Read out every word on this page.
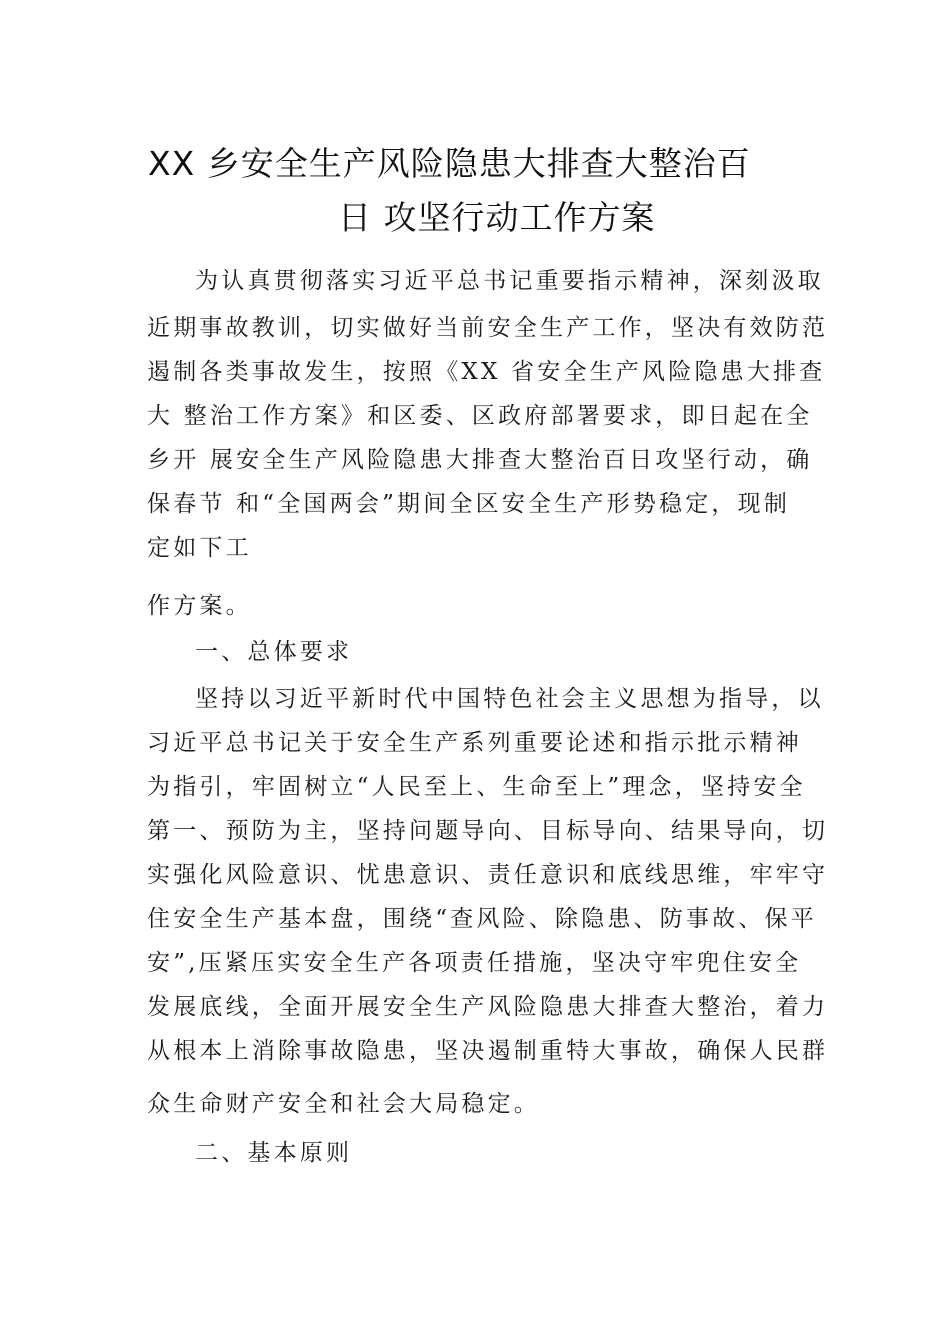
XX 乡安全生产风险隐患大排查大整治百
日 攻坚行动工作方案
为认真贯彻落实习近平总书记重要指示精神，深刻汲取
近期事故教训，切实做好当前安全生产工作，坚决有效防范
遏制各类事故发生，按照《XX 省安全生产风险隐患大排查
大 整治工作方案》和区委、区政府部署要求，即日起在全
乡开 展安全生产风险隐患大排查大整治百日攻坚行动，确
保春节 和“全国两会”期间全区安全生产形势稳定，现制
定如下工
作方案。
一、总体要求
坚持以习近平新时代中国特色社会主义思想为指导，以
习近平总书记关于安全生产系列重要论述和指示批示精神
为指引，牢固树立“人民至上、生命至上”理念，坚持安全
第一、预防为主，坚持问题导向、目标导向、结果导向，切
实强化风险意识、忧患意识、责任意识和底线思维，牢牢守
住安全生产基本盘，围绕“查风险、除隐患、防事故、保平
安”,压紧压实安全生产各项责任措施，坚决守牢兜住安全
发展底线，全面开展安全生产风险隐患大排查大整治，着力
从根本上消除事故隐患，坚决遏制重特大事故，确保人民群
众生命财产安全和社会大局稳定。
二、基本原则
